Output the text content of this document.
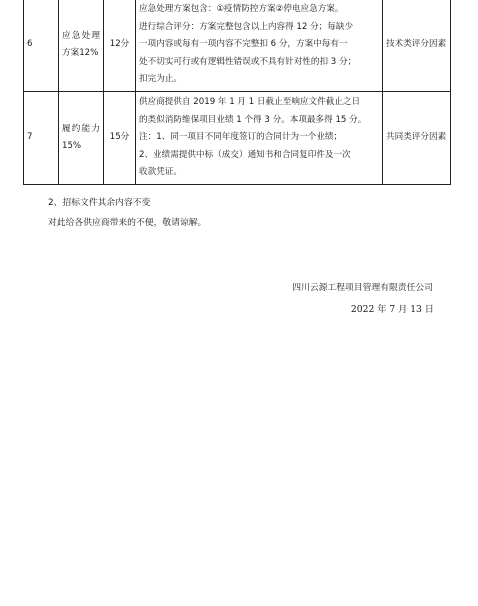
6	应急处理方案12%	12分	应急处理方案包含：①疫情防控方案②停电应急方案。
进行综合评分：方案完整包含以上内容得 12 分；每缺少
一项内容或每有一项内容不完整扣 6 分，方案中每有一
处不切实可行或有逻辑性错误或不具有针对性的扣 3 分；
扣完为止。	技术类评分因素
7	履约能力15%	15分	供应商提供自 2019 年 1 月 1 日截止至响应文件截止之日
的类似消防维保项目业绩 1 个得 3 分。本项最多得 15 分。
注：1、同一项目不同年度签订的合同计为一个业绩；
2、业绩需提供中标（成交）通知书和合同复印件及一次
收款凭证。	共同类评分因素
2、招标文件其余内容不变
对此给各供应商带来的不便，敬请谅解。
四川云源工程项目管理有限责任公司
2022 年 7 月 13 日
